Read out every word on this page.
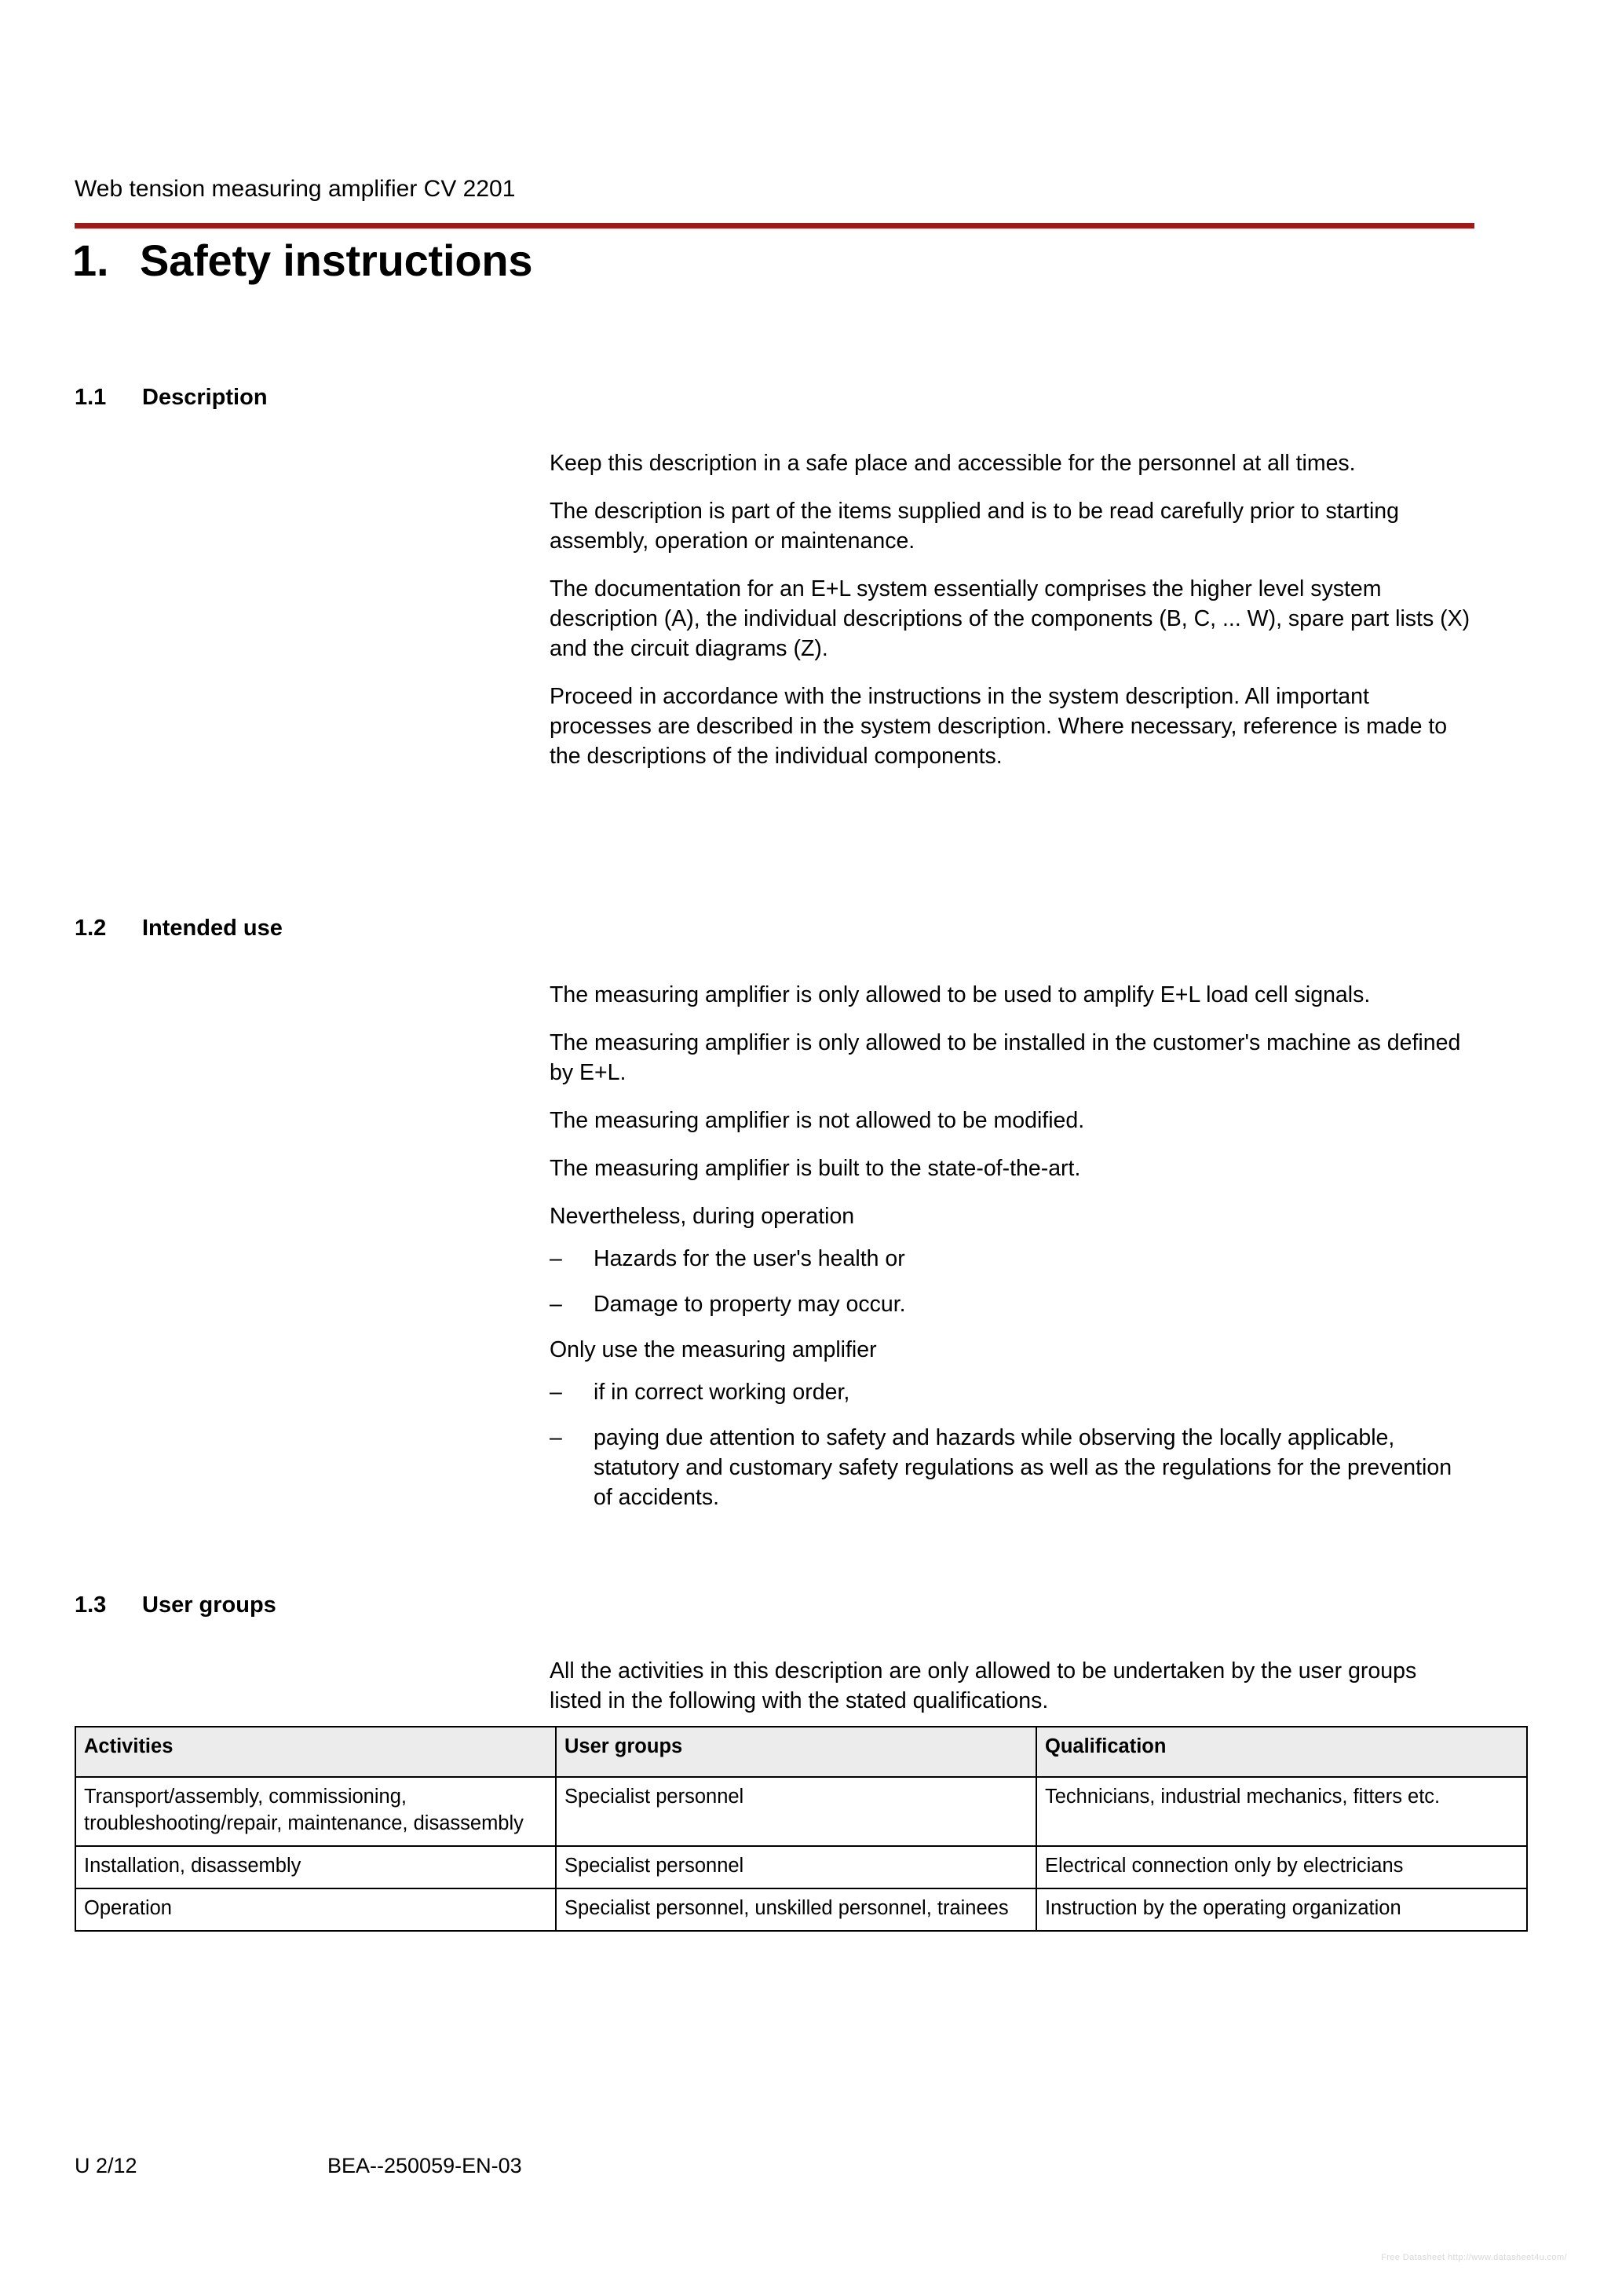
Web tension measuring amplifier CV 2201
1. Safety instructions
1.1	Description

Keep this description in a safe place and accessible for the personnel at all times.

The description is part of the items supplied and is to be read carefully prior to starting assembly, operation or maintenance.

The documentation for an E+L system essentially comprises the higher level system description (A), the individual descriptions of the components (B, C, ... W), spare part lists (X) and the circuit diagrams (Z).

Proceed in accordance with the instructions in the system description. All important processes are described in the system description. Where necessary, reference is made to the descriptions of the individual components.

1.2	Intended use

The measuring amplifier is only allowed to be used to amplify E+L load cell signals.

The measuring amplifier is only allowed to be installed in the customer's machine as defined by E+L.

The measuring amplifier is not allowed to be modified.

The measuring amplifier is built to the state-of-the-art.

Nevertheless, during operation

–	Hazards for the user's health or
–	Damage to property may occur.

Only use the measuring amplifier

–	if in correct working order,
–	paying due attention to safety and hazards while observing the locally applicable, statutory and customary safety regulations as well as the regulations for the prevention of accidents.
1.3	User groups

All the activities in this description are only allowed to be undertaken by the user groups listed in the following with the stated qualifications.

Activities	User groups	Qualification
Transport/assembly, commissioning, troubleshooting/repair, maintenance, disassembly	Specialist personnel	Technicians, industrial mechanics, fitters etc.
Installation, disassembly	Specialist personnel	Electrical connection only by electricians
Operation	Specialist personnel, unskilled personnel, trainees	Instruction by the operating organization
U 2/12	BEA--250059-EN-03
Free Datasheet http://www.datasheet4u.com/
